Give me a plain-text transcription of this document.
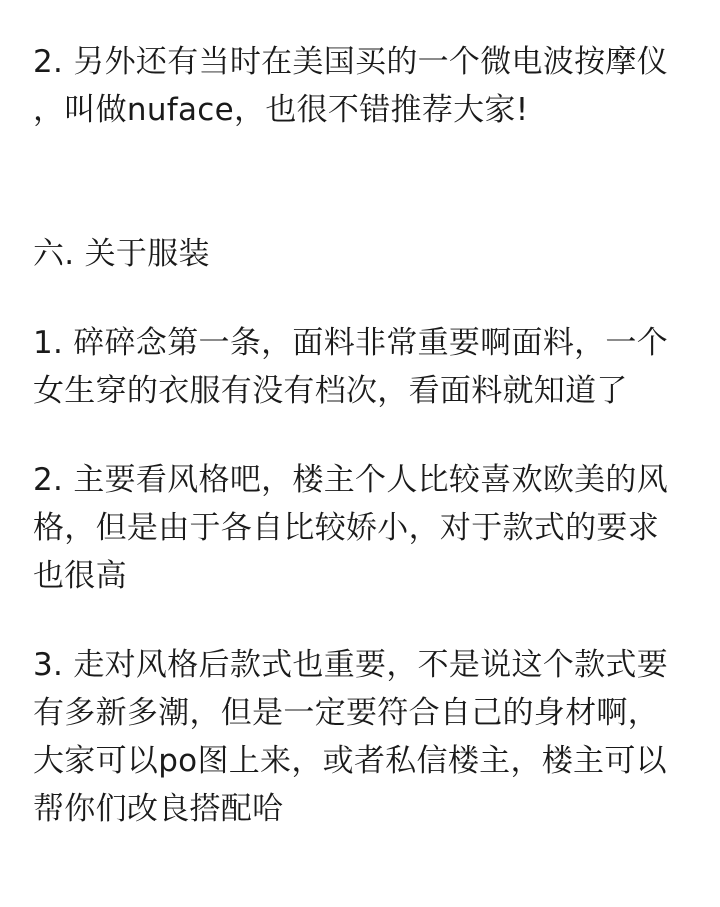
2. 另外还有当时在美国买的一个微电波按摩仪
，叫做nuface，也很不错推荐大家!
六. 关于服装
1. 碎碎念第一条，面料非常重要啊面料，一个
女生穿的衣服有没有档次，看面料就知道了
2. 主要看风格吧，楼主个人比较喜欢欧美的风
格，但是由于各自比较娇小，对于款式的要求
也很高
3. 走对风格后款式也重要，不是说这个款式要
有多新多潮，但是一定要符合自己的身材啊，
大家可以po图上来，或者私信楼主，楼主可以
帮你们改良搭配哈
